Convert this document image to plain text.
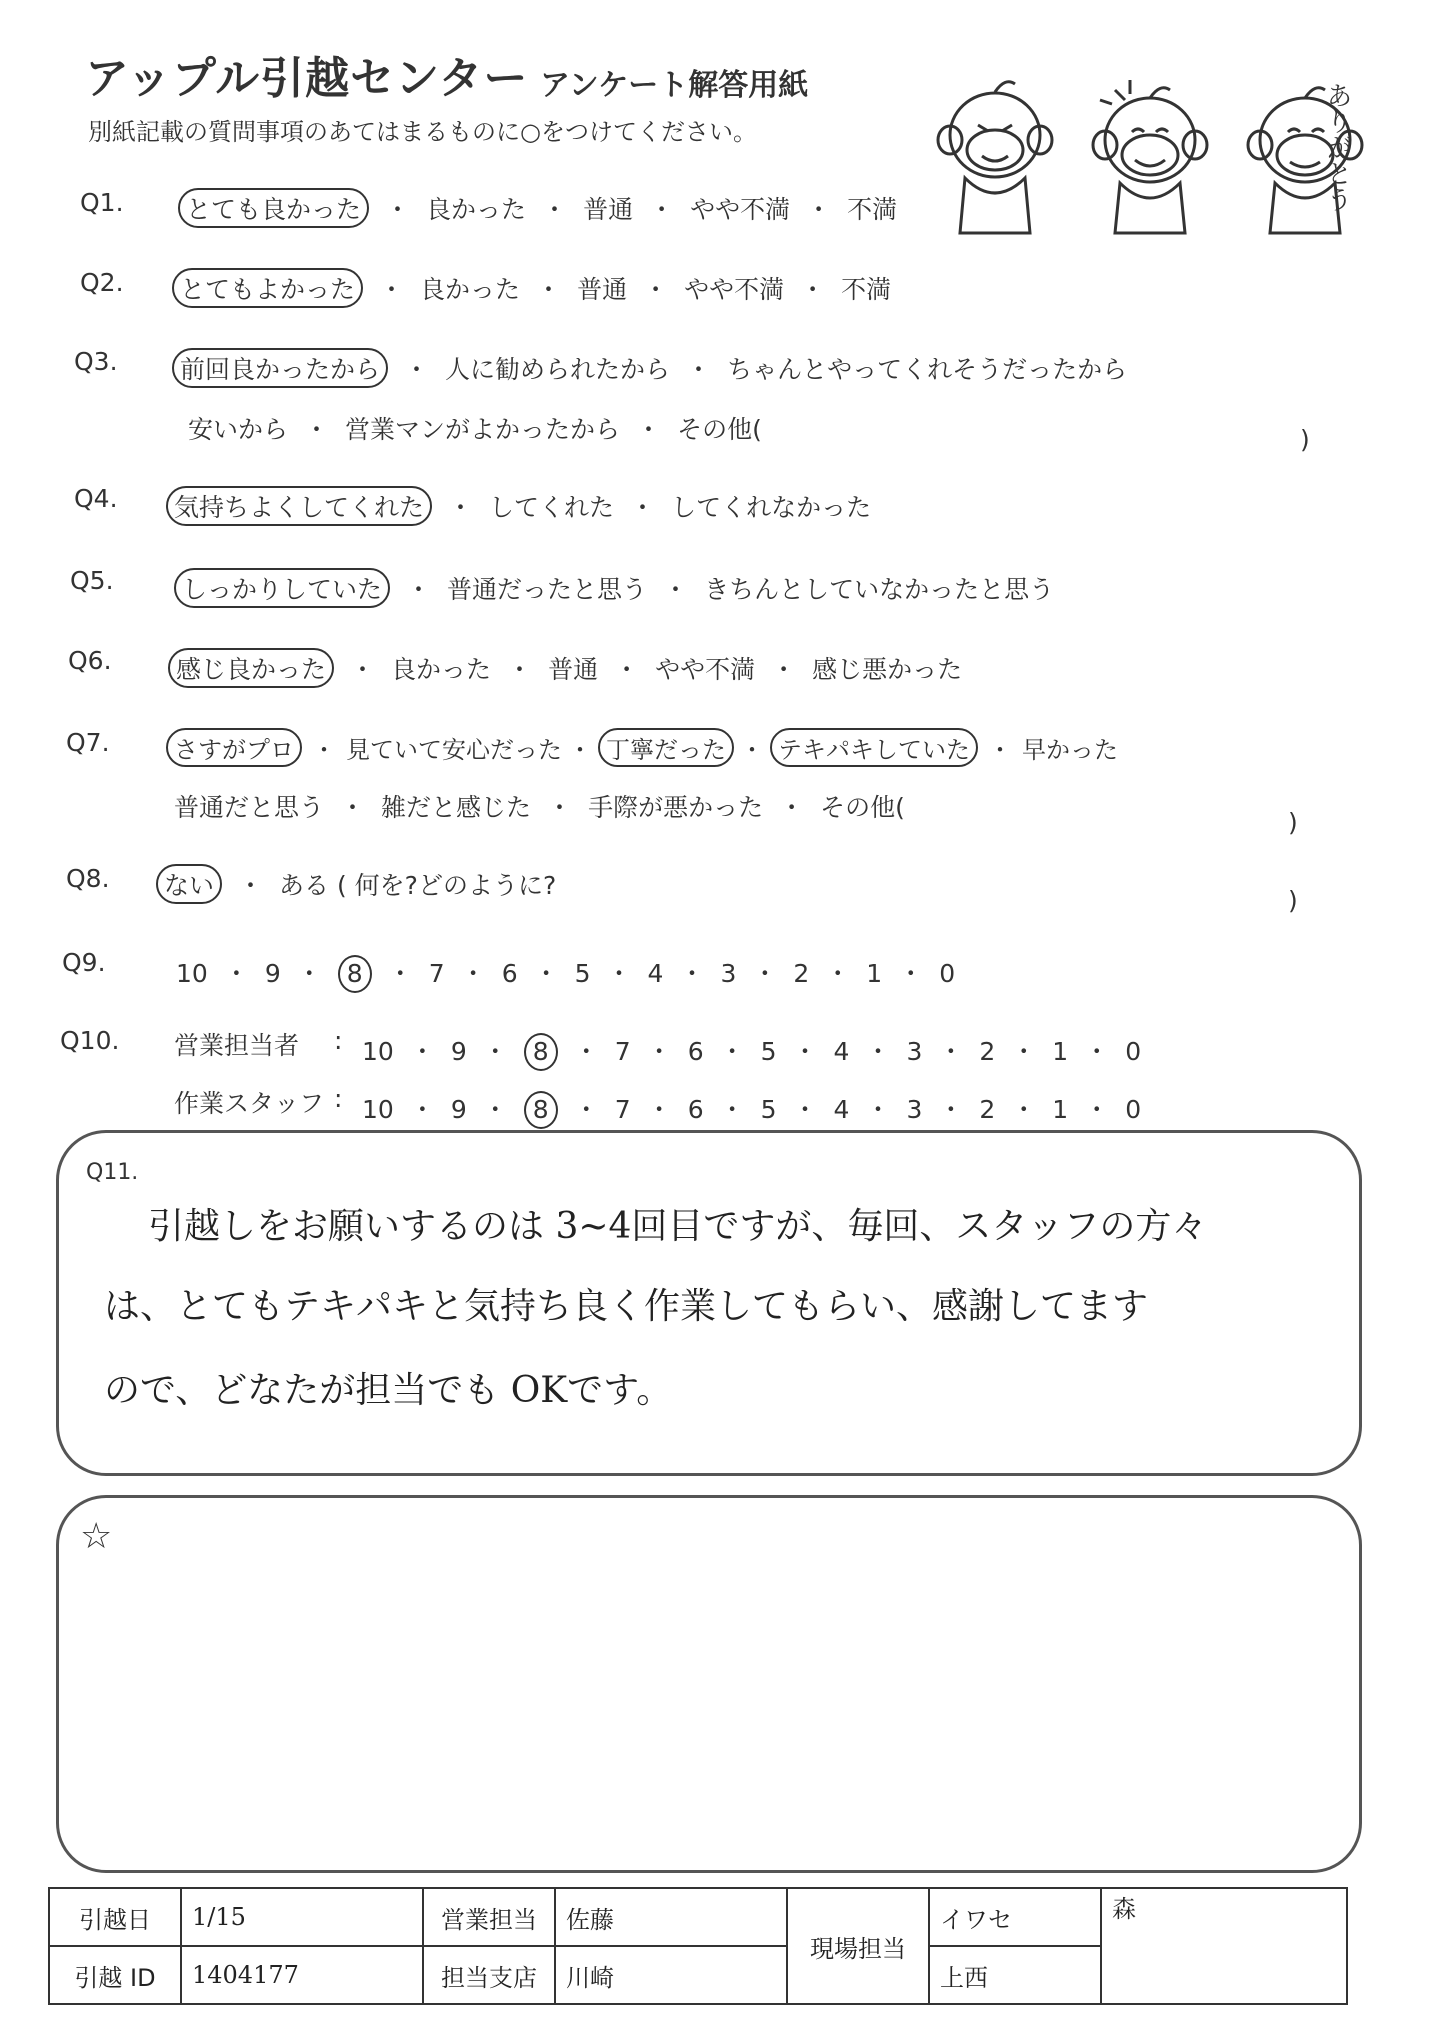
アップル引越センター アンケート解答用紙
別紙記載の質問事項のあてはまるものに○をつけてください。	ありがとう
Q1.	とても良かった ・ 良かった ・ 普通 ・ やや不満 ・ 不満
Q2.	とてもよかった ・ 良かった ・ 普通 ・ やや不満 ・ 不満
Q3.	前回良かったから ・ 人に勧められたから ・ ちゃんとやってくれそうだったから
安いから ・ 営業マンがよかったから ・ その他(	)
Q4.	気持ちよくしてくれた ・ してくれた ・ してくれなかった
Q5.	しっかりしていた ・ 普通だったと思う ・ きちんとしていなかったと思う
Q6.	感じ良かった ・ 良かった ・ 普通 ・ やや不満 ・ 感じ悪かった
Q7.	さすがプロ ・ 見ていて安心だった ・ 丁寧だった ・ テキパキしていた ・ 早かった
普通だと思う ・ 雑だと感じた ・ 手際が悪かった ・ その他(
)
Q8.	ない ・ ある ( 何を?どのように?
)
Q9.	10 ・ 9 ・ 8 ・ 7 ・ 6 ・ 5 ・ 4 ・ 3 ・ 2 ・ 1 ・ 0
Q10. 営業担当者 : 10 ・ 9 ・ 8 ・ 7 ・ 6 ・ 5 ・ 4 ・ 3 ・ 2 ・ 1 ・ 0
作業スタッフ : 10 ・ 9 ・ 8 ・ 7 ・ 6 ・ 5 ・ 4 ・ 3 ・ 2 ・ 1 ・ 0
Q11.
引越しをお願いするのは 3~4回目ですが、毎回、スタッフの方々
は、とてもテキパキと気持ち良く作業してもらい、感謝してます
ので、どなたが担当でも OKです。
☆
引越日	1/15	営業担当	佐藤	現場担当	イワセ	森
引越 ID	1404177	担当支店	川崎		上西	
